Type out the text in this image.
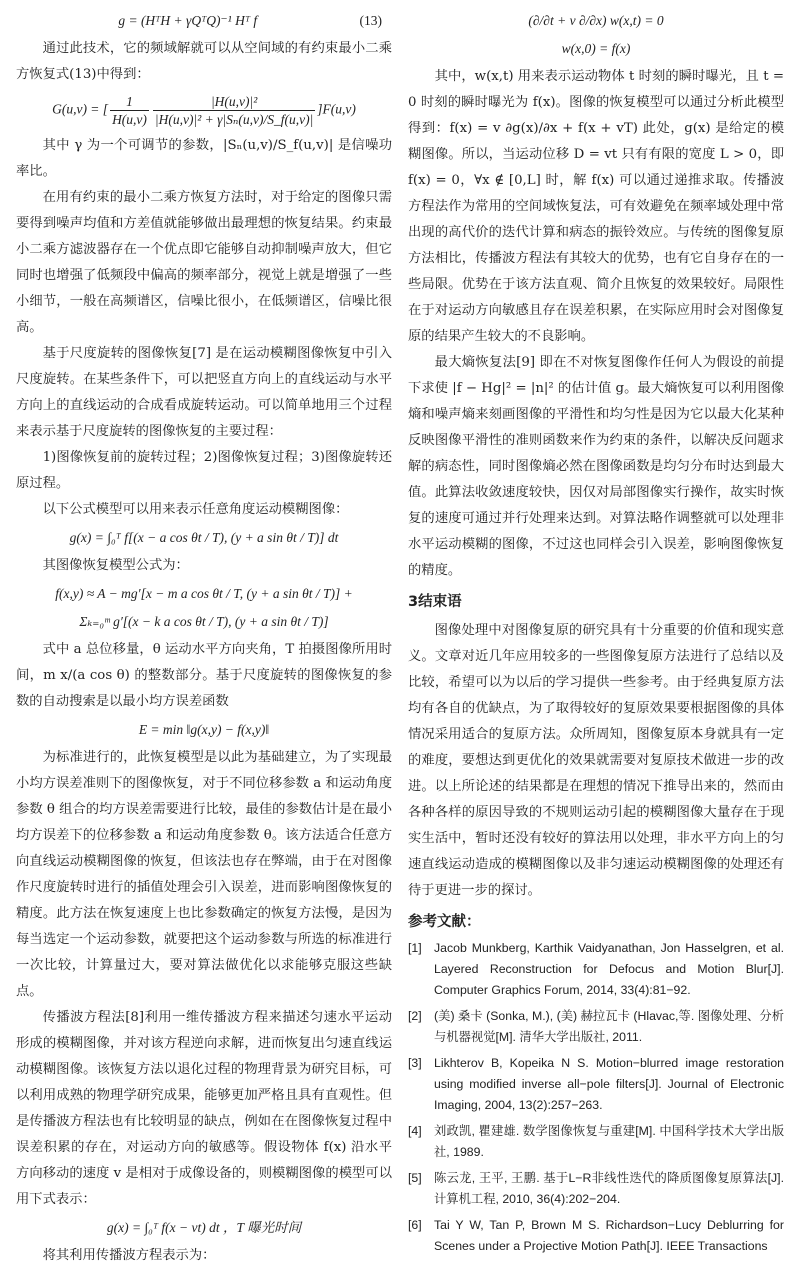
g = (HᵀH + γQᵀQ)⁻¹ Hᵀ f	(13)

通过此技术，它的频域解就可以从空间域的有约束最小二乘方恢复式(13)中得到：

G(u,v) = [ $\frac{1}{H(u,v)} \frac{\text{|H(u,v)|²}}{\text{|H(u,v)|² + γ|Sₙ(u,v)/S\_f(u,v)|}} ]F(u,v)$

其中 γ 为一个可调节的参数，|Sₙ(u,v)/S_f(u,v)| 是信噪功率比。

在用有约束的最小二乘方恢复方法时，对于给定的图像只需要得到噪声均值和方差值就能够做出最理想的恢复结果。约束最小二乘方滤波器存在一个优点即它能够自动抑制噪声放大，但它同时也增强了低频段中偏高的频率部分，视觉上就是增强了一些小细节，一般在高频谱区，信噪比很小，在低频谱区，信噪比很高。

基于尺度旋转的图像恢复[7] 是在运动模糊图像恢复中引入尺度旋转。在某些条件下，可以把竖直方向上的直线运动与水平方向上的直线运动的合成看成旋转运动。可以简单地用三个过程来表示基于尺度旋转的图像恢复的主要过程：

1)图像恢复前的旋转过程；2)图像恢复过程；3)图像旋转还原过程。

以下公式模型可以用来表示任意角度运动模糊图像：

g(x) = ∫₀ᵀ f[(x − a cos θt / T), (y + a sin θt / T)] dt

其图像恢复模型公式为：

f(x,y) ≈ A − mg′[x − m a cos θt / T, (y + a sin θt / T)] +
Σₖ₌₀ᵐ g′[(x − k a cos θt / T), (y + a sin θt / T)]

式中 a 总位移量，θ 运动水平方向夹角，T 拍摄图像所用时间，m x/(a cos θ) 的整数部分。基于尺度旋转的图像恢复的参数的自动搜索是以最小均方误差函数

E = min ‖g(x,y) − f(x,y)‖

为标准进行的，此恢复模型是以此为基础建立，为了实现最小均方误差准则下的图像恢复，对于不同位移参数 a 和运动角度参数 θ 组合的均方误差需要进行比较，最佳的参数估计是在最小均方误差下的位移参数 a 和运动角度参数 θ。该方法适合任意方向直线运动模糊图像的恢复，但该法也存在弊端，由于在对图像作尺度旋转时进行的插值处理会引入误差，进而影响图像恢复的精度。此方法在恢复速度上也比参数确定的恢复方法慢，是因为每当选定一个运动参数，就要把这个运动参数与所选的标准进行一次比较，计算量过大，要对算法做优化以求能够克服这些缺点。

传播波方程法[8]利用一维传播波方程来描述匀速水平运动形成的模糊图像，并对该方程逆向求解，进而恢复出匀速直线运动模糊图像。该恢复方法以退化过程的物理背景为研究目标，可以利用成熟的物理学研究成果，能够更加严格且具有直观性。但是传播波方程法也有比较明显的缺点，例如在在图像恢复过程中误差积累的存在，对运动方向的敏感等。假设物体 f(x) 沿水平方向移动的速度 v 是相对于成像设备的，则模糊图像的模型可以用下式表示：

g(x) = ∫₀ᵀ f(x − vt) dt ，T 曝光时间

将其利用传播波方程表示为：

(∂/∂t + v ∂/∂x) w(x,t) = 0
w(x,0) = f(x)

其中，w(x,t) 用来表示运动物体 t 时刻的瞬时曝光，且 t = 0 时刻的瞬时曝光为 f(x)。图像的恢复模型可以通过分析此模型得到：f(x) = v ∂g(x)/∂x + f(x + vT) 此处，g(x) 是给定的模糊图像。所以，当运动位移 D = vt 只有有限的宽度 L > 0，即 f(x) = 0，∀x ∉ [0,L] 时，解 f(x) 可以通过递推求取。传播波方程法作为常用的空间域恢复法，可有效避免在频率域处理中常出现的高代价的迭代计算和病态的振铃效应。与传统的图像复原方法相比，传播波方程法有其较大的优势，也有它自身存在的一些局限。优势在于该方法直观、简介且恢复的效果较好。局限性在于对运动方向敏感且存在误差积累，在实际应用时会对图像复原的结果产生较大的不良影响。

最大熵恢复法[9] 即在不对恢复图像作任何人为假设的前提下求使 |f − Hg|² = |n|² 的估计值 g。最大熵恢复可以利用图像熵和噪声熵来刻画图像的平滑性和均匀性是因为它以最大化某种反映图像平滑性的准则函数来作为约束的条件，以解决反问题求解的病态性，同时图像熵必然在图像函数是均匀分布时达到最大值。此算法收敛速度较快，因仅对局部图像实行操作，故实时恢复的速度可通过并行处理来达到。对算法略作调整就可以处理非水平运动模糊的图像，不过这也同样会引入误差，影响图像恢复的精度。

3结束语

图像处理中对图像复原的研究具有十分重要的价值和现实意义。文章对近几年应用较多的一些图像复原方法进行了总结以及比较，希望可以为以后的学习提供一些参考。由于经典复原方法均有各自的优缺点，为了取得较好的复原效果要根据图像的具体情况采用适合的复原方法。众所周知，图像复原本身就具有一定的难度，要想达到更优化的效果就需要对复原技术做进一步的改进。以上所论述的结果都是在理想的情况下推导出来的，然而由各种各样的原因导致的不规则运动引起的模糊图像大量存在于现实生活中，暂时还没有较好的算法用以处理，非水平方向上的匀速直线运动造成的模糊图像以及非匀速运动模糊图像的处理还有待于更进一步的探讨。

参考文献：
[1]	Jacob Munkberg, Karthik Vaidyanathan, Jon Hasselgren, et al. Layered Reconstruction for Defocus and Motion Blur[J]. Computer Graphics Forum, 2014, 33(4):81−92.
[2]	(美) 桑卡 (Sonka, M.), (美) 赫拉瓦卡 (Hlavac,等. 图像处理、分析与机器视觉[M]. 清华大学出版社, 2011.
[3]	Likhterov B, Kopeika N S. Motion−blurred image restoration using modified inverse all−pole filters[J]. Journal of Electronic Imaging, 2004, 13(2):257−263.
[4]	刘政凯, 瞿建雄. 数学图像恢复与重建[M]. 中国科学技术大学出版社, 1989.
[5]	陈云龙, 王平, 王鹏. 基于L−R非线性迭代的降质图像复原算法[J]. 计算机工程, 2010, 36(4):202−204.
[6]	Tai Y W, Tan P, Brown M S. Richardson−Lucy Deblurring for Scenes under a Projective Motion Path[J]. IEEE Transactions
